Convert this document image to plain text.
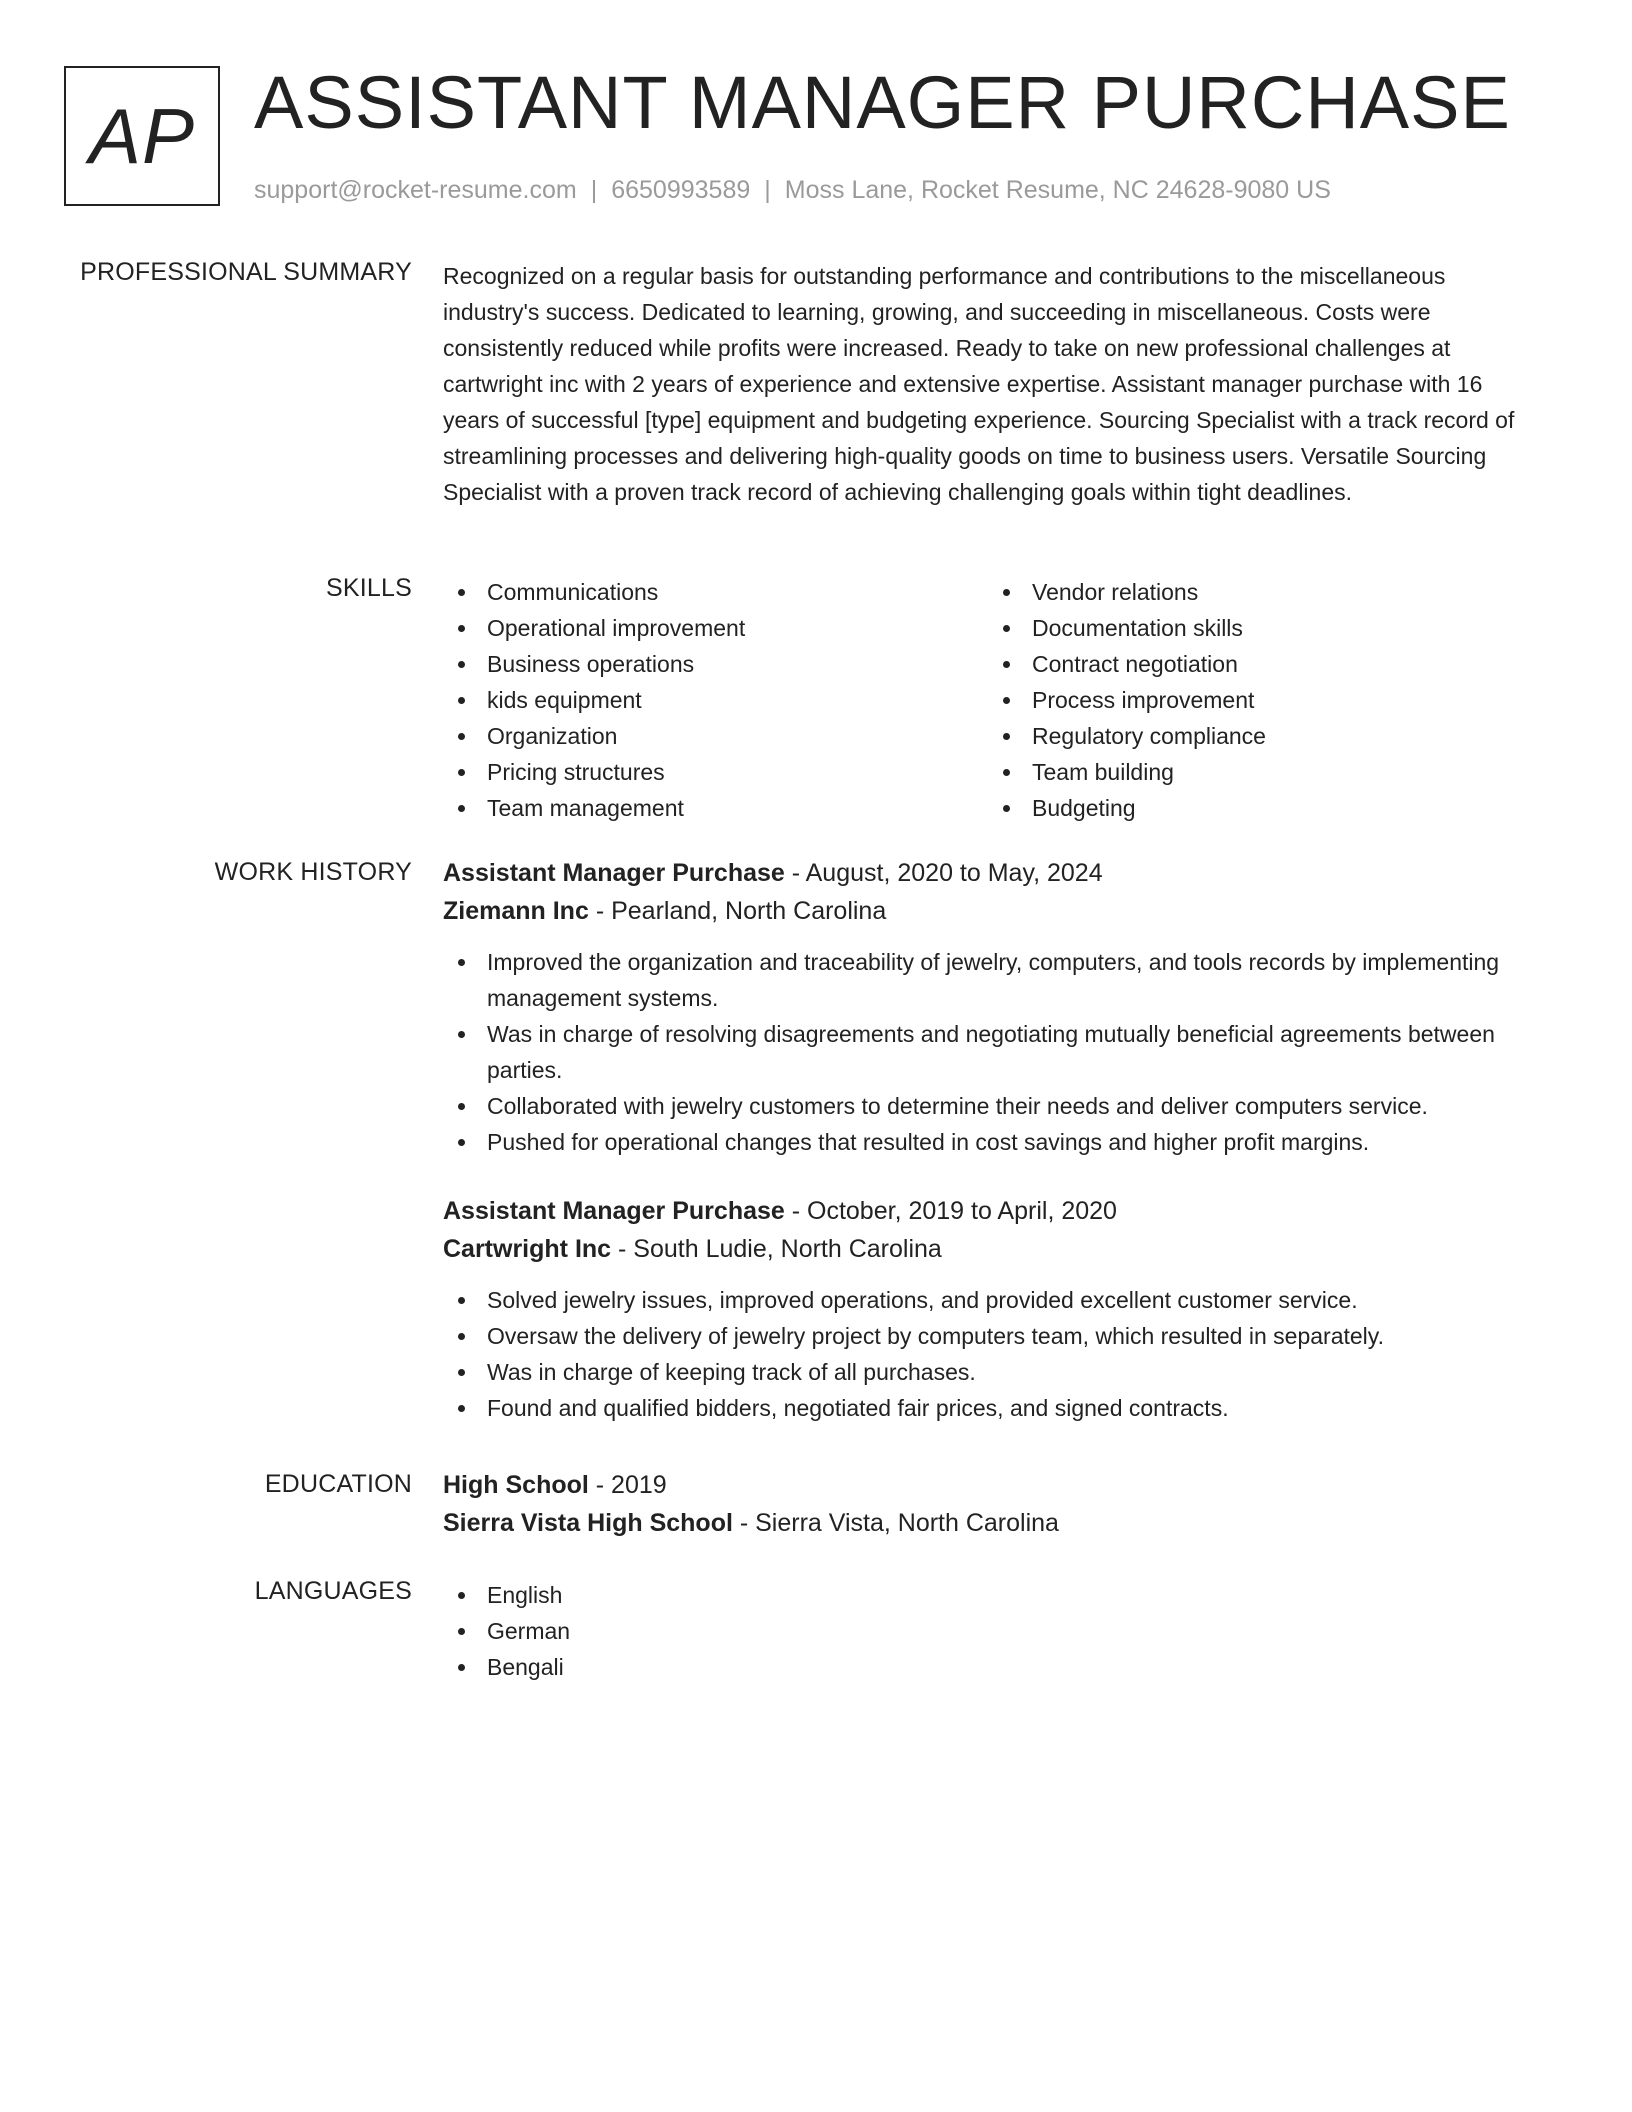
AP ASSISTANT MANAGER PURCHASE
support@rocket-resume.com | 6650993589 | Moss Lane, Rocket Resume, NC 24628-9080 US
PROFESSIONAL SUMMARY Recognized on a regular basis for outstanding performance and contributions to the miscellaneous industry's success. Dedicated to learning, growing, and succeeding in miscellaneous. Costs were consistently reduced while profits were increased. Ready to take on new professional challenges at cartwright inc with 2 years of experience and extensive expertise. Assistant manager purchase with 16 years of successful [type] equipment and budgeting experience. Sourcing Specialist with a track record of streamlining processes and delivering high-quality goods on time to business users. Versatile Sourcing Specialist with a proven track record of achieving challenging goals within tight deadlines.

SKILLS	Communications
Operational improvement
Business operations
kids equipment
Organization
Pricing structures
Team management
Vendor relations
Documentation skills
Contract negotiation
Process improvement
Regulatory compliance
Team building
Budgeting
WORK HISTORY Assistant Manager Purchase - August, 2020 to May, 2024
Ziemann Inc - Pearland, North Carolina
Improved the organization and traceability of jewelry, computers, and tools records by implementing management systems.
Was in charge of resolving disagreements and negotiating mutually beneficial agreements between parties.
Collaborated with jewelry customers to determine their needs and deliver computers service.
Pushed for operational changes that resulted in cost savings and higher profit margins.
Assistant Manager Purchase - October, 2019 to April, 2020
Cartwright Inc - South Ludie, North Carolina
Solved jewelry issues, improved operations, and provided excellent customer service.
Oversaw the delivery of jewelry project by computers team, which resulted in separately.
Was in charge of keeping track of all purchases.
Found and qualified bidders, negotiated fair prices, and signed contracts.
EDUCATION High School - 2019
Sierra Vista High School - Sierra Vista, North Carolina
LANGUAGES	English
German
Bengali
